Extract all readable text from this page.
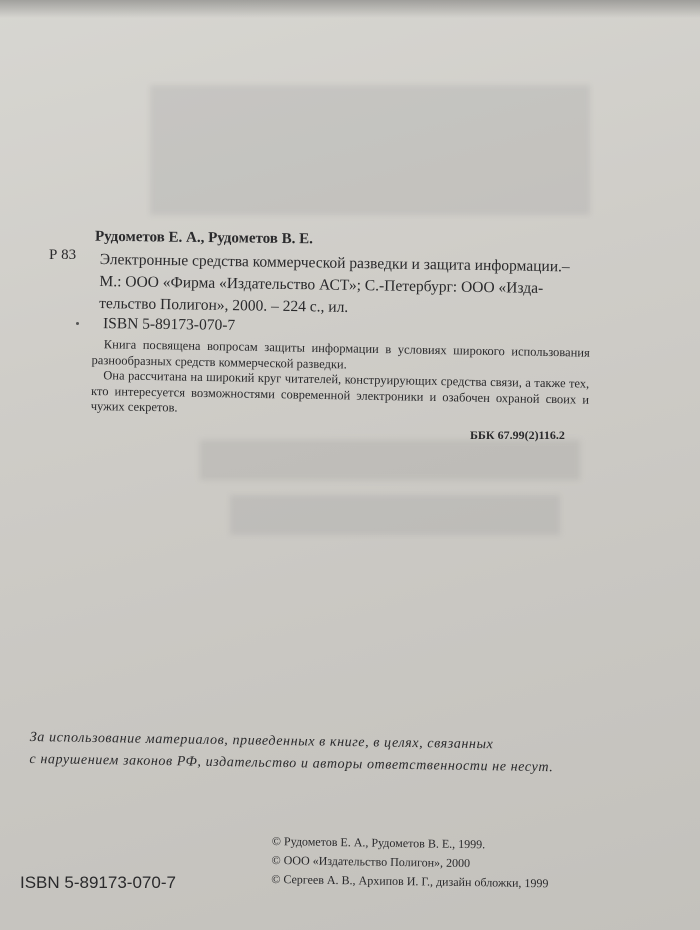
Рудометов Е. А., Рудометов В. Е.
Р 83 Электронные средства коммерческой разведки и защита информации.–

М.: ООО «Фирма «Издательство АСТ»; С.-Петербург: ООО «Изда-

тельство Полигон», 2000. – 224 с., ил.

ISBN 5-89173-070-7

Книга посвящена вопросам защиты информации в условиях широкого использования разнообразных средств коммерческой разведки.

Она рассчитана на широкий круг читателей, конструирующих средства связи, а также тех, кто интересуется возможностями современной электроники и озабочен охраной своих и чужих секретов.

ББК 67.99(2)116.2
За использование материалов, приведенных в книге, в целях, связанных
с нарушением законов РФ, издательство и авторы ответственности не несут.
© Рудометов Е. А., Рудометов В. Е., 1999.
© ООО «Издательство Полигон», 2000
© Сергеев А. В., Архипов И. Г., дизайн обложки, 1999
ISBN 5-89173-070-7
